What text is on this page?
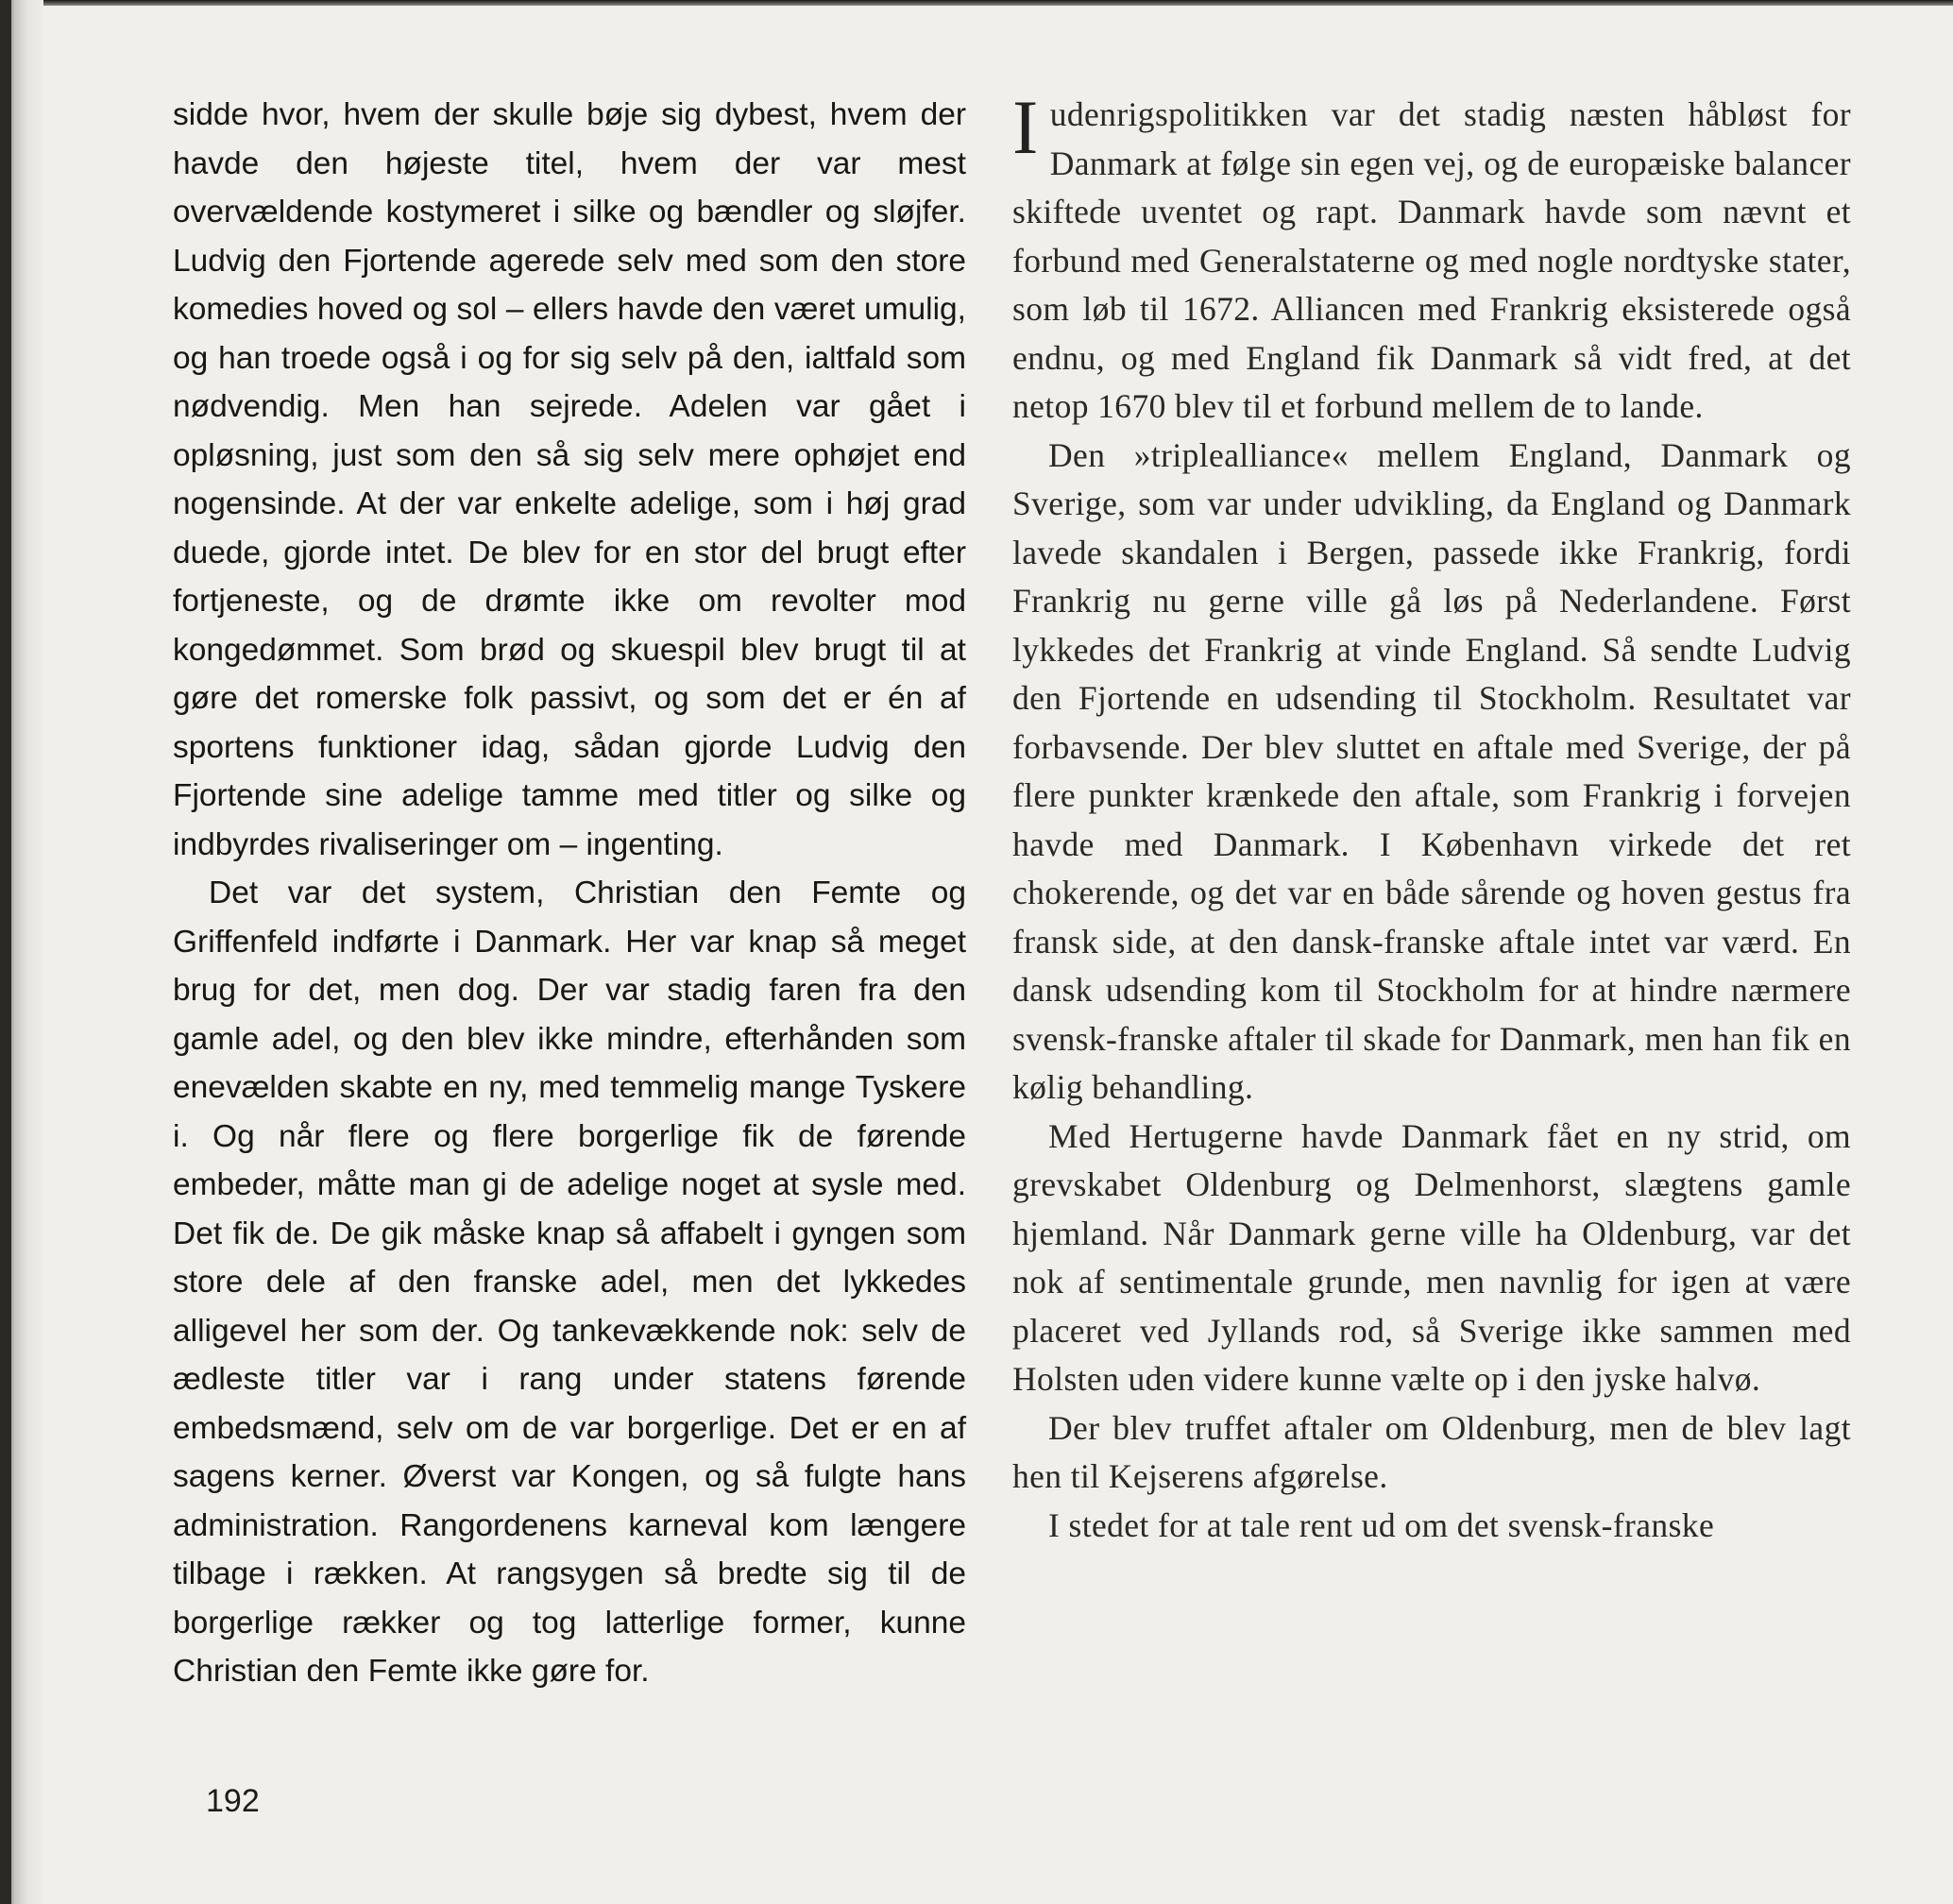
sidde hvor, hvem der skulle bøje sig dybest, hvem der havde den højeste titel, hvem der var mest overvældende kostymeret i silke og bændler og sløjfer. Ludvig den Fjortende agerede selv med som den store komedies hoved og sol – ellers havde den været umulig, og han troede også i og for sig selv på den, ialtfald som nødvendig. Men han sejrede. Adelen var gået i opløsning, just som den så sig selv mere ophøjet end nogensinde. At der var enkelte adelige, som i høj grad duede, gjorde intet. De blev for en stor del brugt efter fortjeneste, og de drømte ikke om revolter mod kongedømmet. Som brød og skuespil blev brugt til at gøre det romerske folk passivt, og som det er én af sportens funktioner idag, sådan gjorde Ludvig den Fjortende sine adelige tamme med titler og silke og indbyrdes rivaliseringer om – ingenting.

Det var det system, Christian den Femte og Griffenfeld indførte i Danmark. Her var knap så meget brug for det, men dog. Der var stadig faren fra den gamle adel, og den blev ikke mindre, efterhånden som enevælden skabte en ny, med temmelig mange Tyskere i. Og når flere og flere borgerlige fik de førende embeder, måtte man gi de adelige noget at sysle med. Det fik de. De gik måske knap så affabelt i gyngen som store dele af den franske adel, men det lykkedes alligevel her som der. Og tankevækkende nok: selv de ædleste titler var i rang under statens førende embedsmænd, selv om de var borgerlige. Det er en af sagens kerner. Øverst var Kongen, og så fulgte hans administration. Rangordenens karneval kom længere tilbage i rækken. At rangsygen så bredte sig til de borgerlige rækker og tog latterlige former, kunne Christian den Femte ikke gøre for.

Iudenrigspolitikken var det stadig næsten håbløst for Danmark at følge sin egen vej, og de europæiske balancer skiftede uventet og rapt. Danmark havde som nævnt et forbund med Generalstaterne og med nogle nordtyske stater, som løb til 1672. Alliancen med Frankrig eksisterede også endnu, og med England fik Danmark så vidt fred, at det netop 1670 blev til et forbund mellem de to lande.

Den »triplealliance« mellem England, Danmark og Sverige, som var under udvikling, da England og Danmark lavede skandalen i Bergen, passede ikke Frankrig, fordi Frankrig nu gerne ville gå løs på Nederlandene. Først lykkedes det Frankrig at vinde England. Så sendte Ludvig den Fjortende en udsending til Stockholm. Resultatet var forbavsende. Der blev sluttet en aftale med Sverige, der på flere punkter krænkede den aftale, som Frankrig i forvejen havde med Danmark. I København virkede det ret chokerende, og det var en både sårende og hoven gestus fra fransk side, at den dansk-franske aftale intet var værd. En dansk udsending kom til Stockholm for at hindre nærmere svensk-franske aftaler til skade for Danmark, men han fik en kølig behandling.

Med Hertugerne havde Danmark fået en ny strid, om grevskabet Oldenburg og Delmenhorst, slægtens gamle hjemland. Når Danmark gerne ville ha Oldenburg, var det nok af sentimentale grunde, men navnlig for igen at være placeret ved Jyllands rod, så Sverige ikke sammen med Holsten uden videre kunne vælte op i den jyske halvø.

Der blev truffet aftaler om Oldenburg, men de blev lagt hen til Kejserens afgørelse.

I stedet for at tale rent ud om det svensk-franske

192
